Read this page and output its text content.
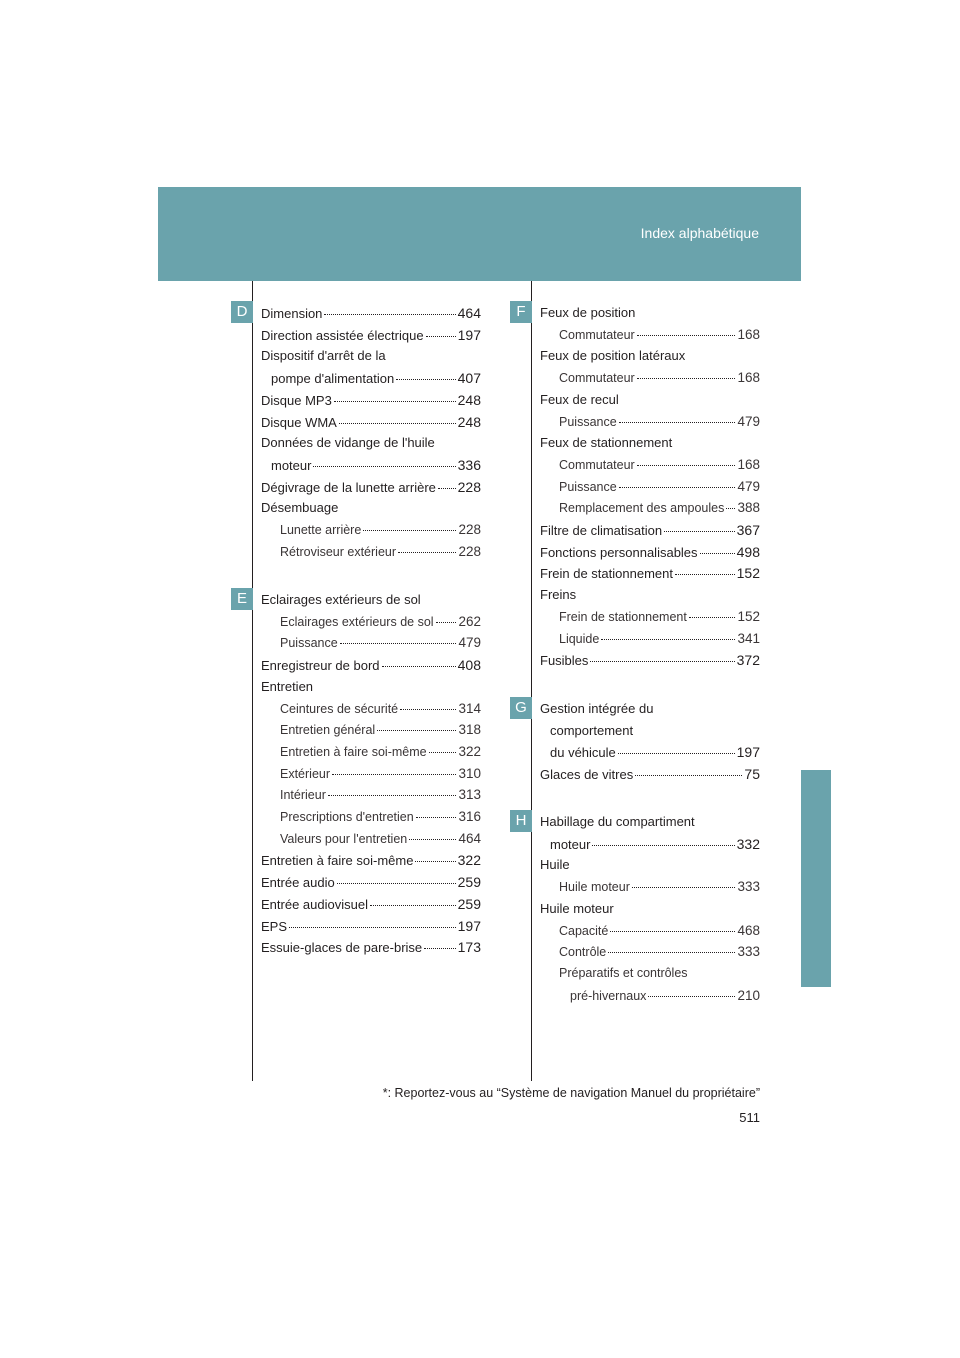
Index alphabétique
D	Dimension	464
Direction assistée électrique 197
Dispositif d'arrêt de la
pompe d'alimentation	407
Disque MP3	248
Disque WMA	248
Données de vidange de l'huile
moteur	336
Dégivrage de la lunette arrière 228
Désembuage
Lunette arrière	228
Rétroviseur extérieur	228
E	Eclairages extérieurs de sol
Eclairages extérieurs de sol 262
Puissance	479
Enregistreur de bord	408
Entretien
Ceintures de sécurité	314
Entretien général	318
Entretien à faire soi-même 322
Extérieur	310
Intérieur	313
Prescriptions d'entretien	316
Valeurs pour l'entretien	464
Entretien à faire soi-même	322
Entrée audio	259
Entrée audiovisuel	259
EPS	197
Essuie-glaces de pare-brise	173
F	Feux de position
Commutateur	168
Feux de position latéraux
Commutateur	168
Feux de recul
Puissance	479
Feux de stationnement
Commutateur	168
Puissance	479
Remplacement des ampoules 388
Filtre de climatisation	367
Fonctions personnalisables	498
Frein de stationnement	152
Freins
Frein de stationnement	152
Liquide	341
Fusibles	372
G	Gestion intégrée du
comportement
du véhicule	197
Glaces de vitres	75
H	Habillage du compartiment
moteur	332
Huile
Huile moteur	333
Huile moteur
Capacité	468
Contrôle	333
Préparatifs et contrôles
pré-hivernaux	210
*: Reportez-vous au “Système de navigation Manuel du propriétaire”
511
